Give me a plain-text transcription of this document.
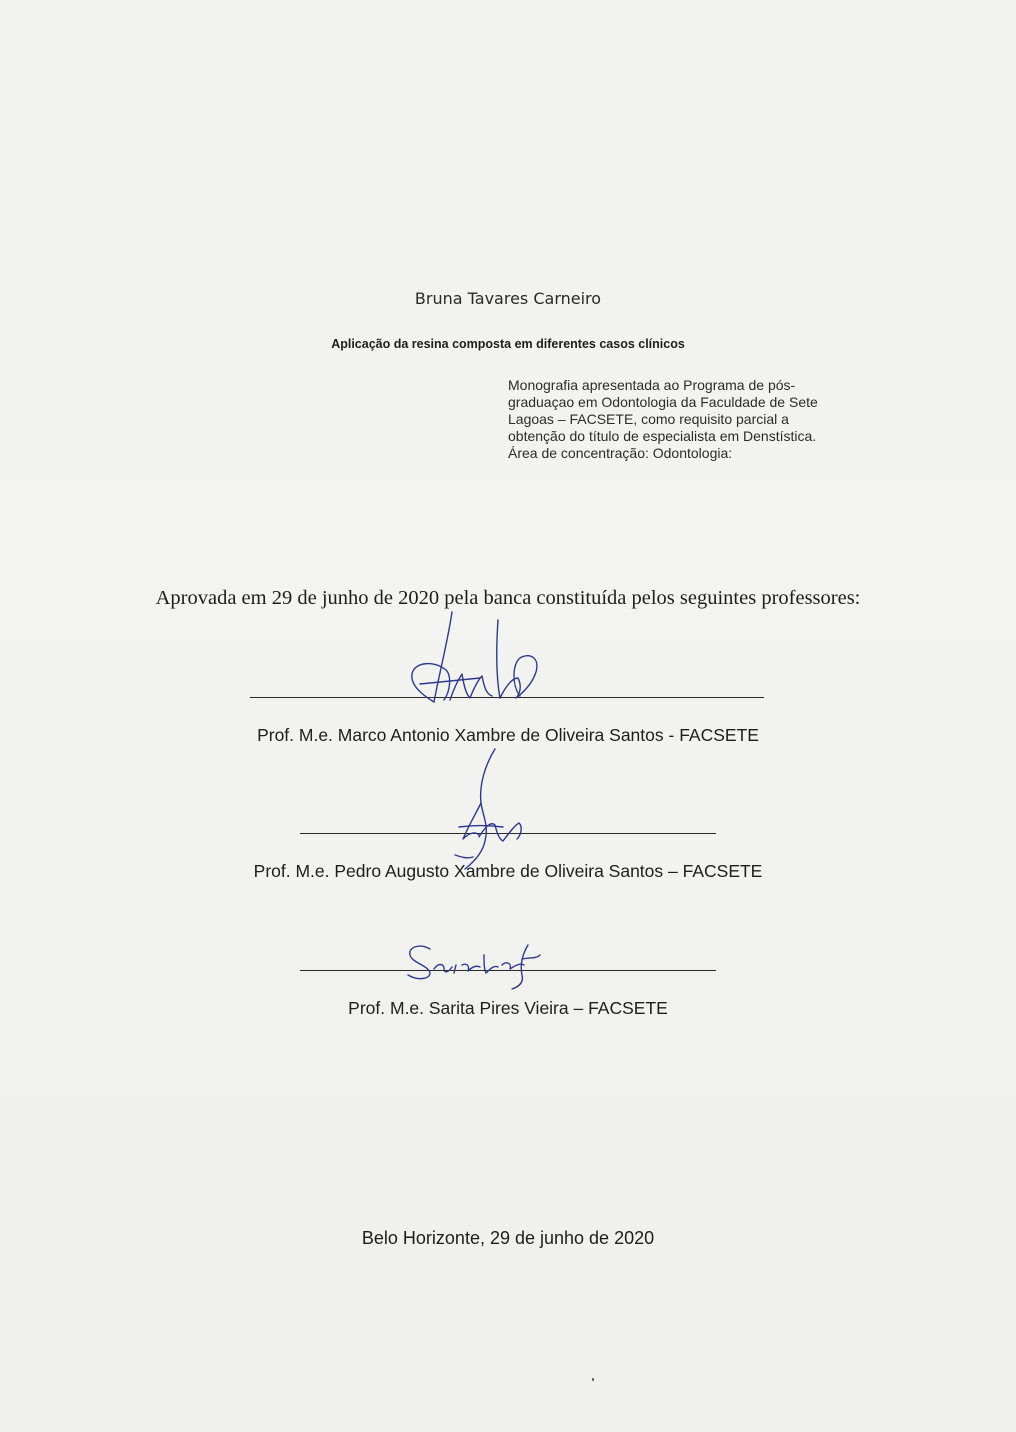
Bruna Tavares Carneiro
Aplicação da resina composta em diferentes casos clínicos
Monografia apresentada ao Programa de pós-
graduaçao em Odontologia da Faculdade de Sete
Lagoas – FACSETE, como requisito parcial a
obtenção do título de especialista em Denstística.
Área de concentração: Odontologia:
Aprovada em 29 de junho de 2020 pela banca constituída pelos seguintes professores:
Prof. M.e. Marco Antonio Xambre de Oliveira Santos - FACSETE
Prof. M.e. Pedro Augusto Xambre de Oliveira Santos – FACSETE
Prof. M.e. Sarita Pires Vieira – FACSETE
Belo Horizonte, 29 de junho de 2020
